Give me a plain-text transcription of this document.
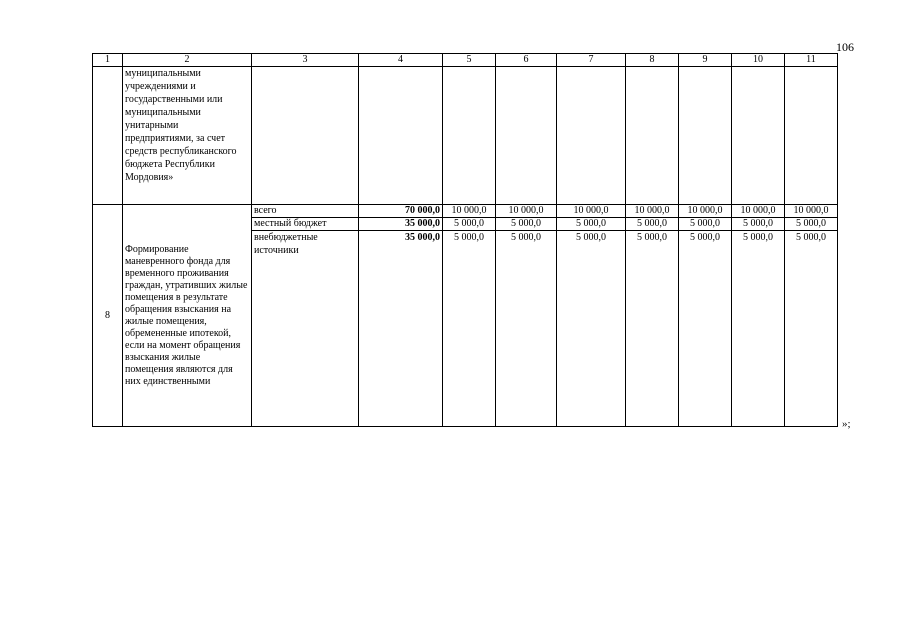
106
1	2	3	4	5	6	7	8	9	10	11
	муниципальными учреждениями и государственными или муниципальными унитарными предприятиями, за счет средств республиканского бюджета Республики Мордовия»									
8	Формирование маневренного фонда для временного проживания граждан, утративших жилые помещения в результате обращения взыскания на жилые помещения, обремененные ипотекой, если на момент обращения взыскания жилые помещения являются для них единственными	всего	70 000,0	10 000,0	10 000,0	10 000,0	10 000,0	10 000,0	10 000,0	10 000,0
		местный бюджет	35 000,0	5 000,0	5 000,0	5 000,0	5 000,0	5 000,0	5 000,0	5 000,0
		внебюджетные источники	35 000,0	5 000,0	5 000,0	5 000,0	5 000,0	5 000,0	5 000,0	5 000,0
»;
